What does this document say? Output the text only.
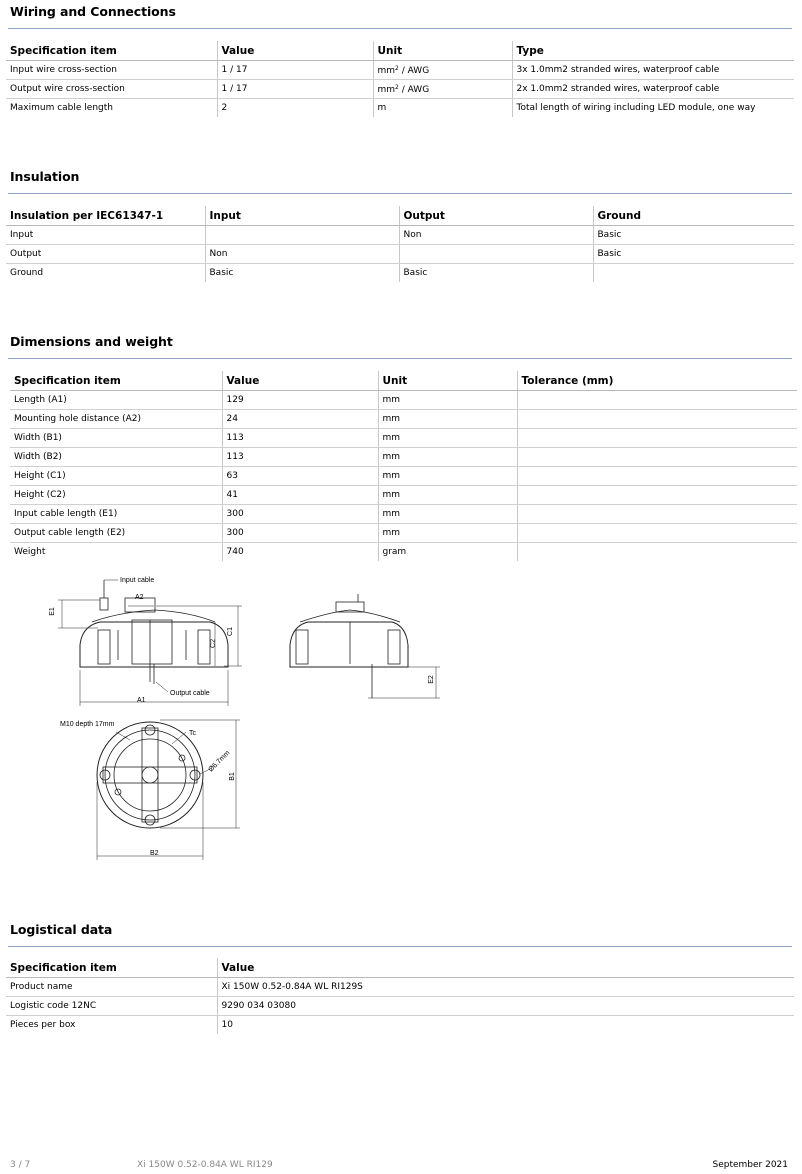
Wiring and Connections
Specification item	Value	Unit	Type
Input wire cross-section	1 / 17	$mm^2$ / AWG	3x 1.0mm2 stranded wires, waterproof cable
Output wire cross-section	1 / 17	$mm^2$ / AWG	2x 1.0mm2 stranded wires, waterproof cable
Maximum cable length	2	m	Total length of wiring including LED module, one way
Insulation
Insulation per IEC61347-1	Input	Output	Ground
Input		Non	Basic
Output	Non		Basic
Ground	Basic	Basic	
Dimensions and weight
Specification item	Value	Unit	Tolerance (mm)
Length (A1)	129	mm	
Mounting hole distance (A2)	24	mm	
Width (B1)	113	mm	
Width (B2)	113	mm	
Height (C1)	63	mm	
Height (C2)	41	mm	
Input cable length (E1)	300	mm	
Output cable length (E2)	300	mm	
Weight	740	gram	
Input cable
Output cable
A2
A1
C1
C2
E1
E2
M10 depth 17mm
Tc
Ø6.7mm
B1
B2
Logistical data
Specification item	Value
Product name	Xi 150W 0.52-0.84A WL RI129S
Logistic code 12NC	9290 034 03080
Pieces per box	10
3 / 7	Xi 150W 0.52-0.84A WL RI129	September 2021
